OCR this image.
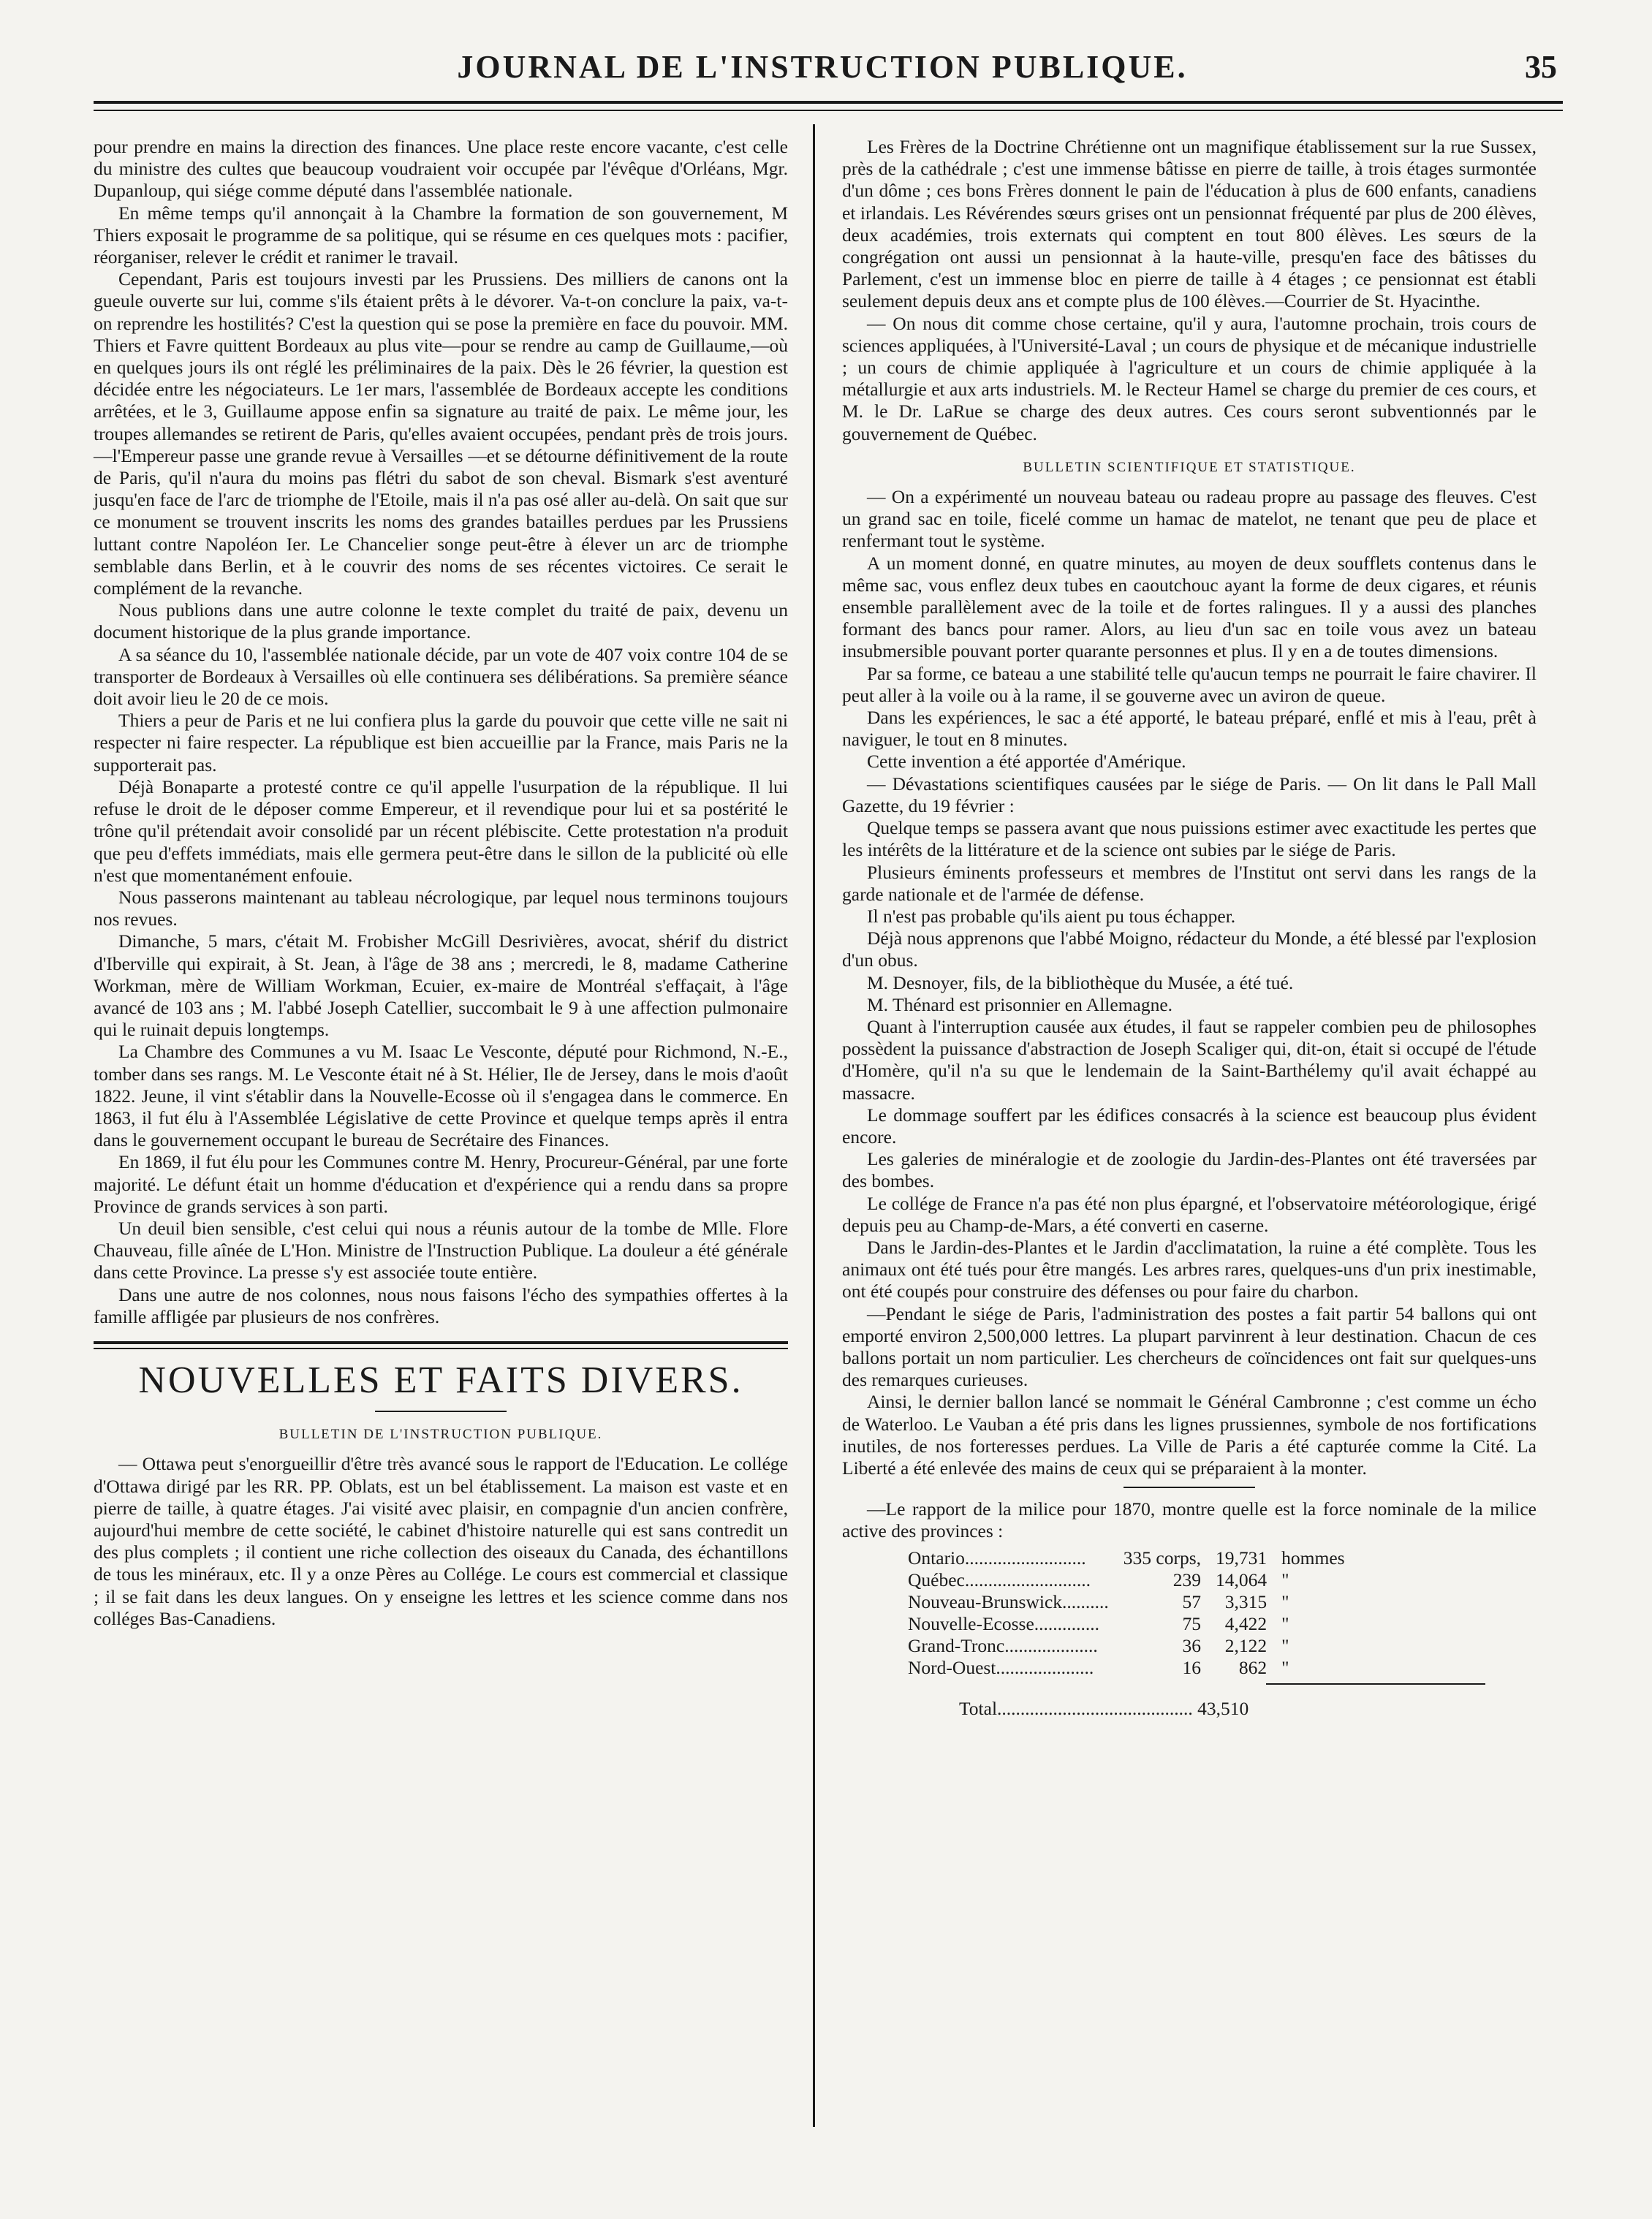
JOURNAL DE L'INSTRUCTION PUBLIQUE.	35

pour prendre en mains la direction des finances. Une place reste encore vacante, c'est celle du ministre des cultes que beaucoup voudraient voir occupée par l'évêque d'Orléans, Mgr. Dupanloup, qui siége comme député dans l'assemblée nationale.

En même temps qu'il annonçait à la Chambre la formation de son gouvernement, M Thiers exposait le programme de sa politique, qui se résume en ces quelques mots : pacifier, réorganiser, relever le crédit et ranimer le travail.

Cependant, Paris est toujours investi par les Prussiens. Des milliers de canons ont la gueule ouverte sur lui, comme s'ils étaient prêts à le dévorer. Va-t-on conclure la paix, va-t-on reprendre les hostilités? C'est la question qui se pose la première en face du pouvoir. MM. Thiers et Favre quittent Bordeaux au plus vite—pour se rendre au camp de Guillaume,—où en quelques jours ils ont réglé les préliminaires de la paix. Dès le 26 février, la question est décidée entre les négociateurs. Le 1er mars, l'assemblée de Bordeaux accepte les conditions arrêtées, et le 3, Guillaume appose enfin sa signature au traité de paix. Le même jour, les troupes allemandes se retirent de Paris, qu'elles avaient occupées, pendant près de trois jours.—l'Empereur passe une grande revue à Versailles —et se détourne définitivement de la route de Paris, qu'il n'aura du moins pas flétri du sabot de son cheval. Bismark s'est aventuré jusqu'en face de l'arc de triomphe de l'Etoile, mais il n'a pas osé aller au-delà. On sait que sur ce monument se trouvent inscrits les noms des grandes batailles perdues par les Prussiens luttant contre Napoléon Ier. Le Chancelier songe peut-être à élever un arc de triomphe semblable dans Berlin, et à le couvrir des noms de ses récentes victoires. Ce serait le complément de la revanche.

Nous publions dans une autre colonne le texte complet du traité de paix, devenu un document historique de la plus grande importance.

A sa séance du 10, l'assemblée nationale décide, par un vote de 407 voix contre 104 de se transporter de Bordeaux à Versailles où elle continuera ses délibérations. Sa première séance doit avoir lieu le 20 de ce mois.

Thiers a peur de Paris et ne lui confiera plus la garde du pouvoir que cette ville ne sait ni respecter ni faire respecter. La république est bien accueillie par la France, mais Paris ne la supporterait pas.

Déjà Bonaparte a protesté contre ce qu'il appelle l'usurpation de la république. Il lui refuse le droit de le déposer comme Empereur, et il revendique pour lui et sa postérité le trône qu'il prétendait avoir consolidé par un récent plébiscite. Cette protestation n'a produit que peu d'effets immédiats, mais elle germera peut-être dans le sillon de la publicité où elle n'est que momentanément enfouie.

Nous passerons maintenant au tableau nécrologique, par lequel nous terminons toujours nos revues.

Dimanche, 5 mars, c'était M. Frobisher McGill Desrivières, avocat, shérif du district d'Iberville qui expirait, à St. Jean, à l'âge de 38 ans ; mercredi, le 8, madame Catherine Workman, mère de William Workman, Ecuier, ex-maire de Montréal s'effaçait, à l'âge avancé de 103 ans ; M. l'abbé Joseph Catellier, succombait le 9 à une affection pulmonaire qui le ruinait depuis longtemps.

La Chambre des Communes a vu M. Isaac Le Vesconte, député pour Richmond, N.-E., tomber dans ses rangs. M. Le Vesconte était né à St. Hélier, Ile de Jersey, dans le mois d'août 1822. Jeune, il vint s'établir dans la Nouvelle-Ecosse où il s'engagea dans le commerce. En 1863, il fut élu à l'Assemblée Législative de cette Province et quelque temps après il entra dans le gouvernement occupant le bureau de Secrétaire des Finances.

En 1869, il fut élu pour les Communes contre M. Henry, Procureur-Général, par une forte majorité. Le défunt était un homme d'éducation et d'expérience qui a rendu dans sa propre Province de grands services à son parti.

Un deuil bien sensible, c'est celui qui nous a réunis autour de la tombe de Mlle. Flore Chauveau, fille aînée de L'Hon. Ministre de l'Instruction Publique. La douleur a été générale dans cette Province. La presse s'y est associée toute entière.

Dans une autre de nos colonnes, nous nous faisons l'écho des sympathies offertes à la famille affligée par plusieurs de nos confrères.

NOUVELLES ET FAITS DIVERS.
BULLETIN DE L'INSTRUCTION PUBLIQUE.

— Ottawa peut s'enorgueillir d'être très avancé sous le rapport de l'Education. Le collége d'Ottawa dirigé par les RR. PP. Oblats, est un bel établissement. La maison est vaste et en pierre de taille, à quatre étages. J'ai visité avec plaisir, en compagnie d'un ancien confrère, aujourd'hui membre de cette société, le cabinet d'histoire naturelle qui est sans contredit un des plus complets ; il contient une riche collection des oiseaux du Canada, des échantillons de tous les minéraux, etc. Il y a onze Pères au Collége. Le cours est commercial et classique ; il se fait dans les deux langues. On y enseigne les lettres et les science comme dans nos colléges Bas-Canadiens.

Les Frères de la Doctrine Chrétienne ont un magnifique établissement sur la rue Sussex, près de la cathédrale ; c'est une immense bâtisse en pierre de taille, à trois étages surmontée d'un dôme ; ces bons Frères donnent le pain de l'éducation à plus de 600 enfants, canadiens et irlandais. Les Révérendes sœurs grises ont un pensionnat fréquenté par plus de 200 élèves, deux académies, trois externats qui comptent en tout 800 élèves. Les sœurs de la congrégation ont aussi un pensionnat à la haute-ville, presqu'en face des bâtisses du Parlement, c'est un immense bloc en pierre de taille à 4 étages ; ce pensionnat est établi seulement depuis deux ans et compte plus de 100 élèves.—Courrier de St. Hyacinthe.

— On nous dit comme chose certaine, qu'il y aura, l'automne prochain, trois cours de sciences appliquées, à l'Université-Laval ; un cours de physique et de mécanique industrielle ; un cours de chimie appliquée à l'agriculture et un cours de chimie appliquée à la métallurgie et aux arts industriels. M. le Recteur Hamel se charge du premier de ces cours, et M. le Dr. LaRue se charge des deux autres. Ces cours seront subventionnés par le gouvernement de Québec.

BULLETIN SCIENTIFIQUE ET STATISTIQUE.

— On a expérimenté un nouveau bateau ou radeau propre au passage des fleuves. C'est un grand sac en toile, ficelé comme un hamac de matelot, ne tenant que peu de place et renfermant tout le système.

A un moment donné, en quatre minutes, au moyen de deux soufflets contenus dans le même sac, vous enflez deux tubes en caoutchouc ayant la forme de deux cigares, et réunis ensemble parallèlement avec de la toile et de fortes ralingues. Il y a aussi des planches formant des bancs pour ramer. Alors, au lieu d'un sac en toile vous avez un bateau insubmersible pouvant porter quarante personnes et plus. Il y en a de toutes dimensions.

Par sa forme, ce bateau a une stabilité telle qu'aucun temps ne pourrait le faire chavirer. Il peut aller à la voile ou à la rame, il se gouverne avec un aviron de queue.

Dans les expériences, le sac a été apporté, le bateau préparé, enflé et mis à l'eau, prêt à naviguer, le tout en 8 minutes.

Cette invention a été apportée d'Amérique.

— Dévastations scientifiques causées par le siége de Paris. — On lit dans le Pall Mall Gazette, du 19 février :

Quelque temps se passera avant que nous puissions estimer avec exactitude les pertes que les intérêts de la littérature et de la science ont subies par le siége de Paris.

Plusieurs éminents professeurs et membres de l'Institut ont servi dans les rangs de la garde nationale et de l'armée de défense.

Il n'est pas probable qu'ils aient pu tous échapper.

Déjà nous apprenons que l'abbé Moigno, rédacteur du Monde, a été blessé par l'explosion d'un obus.

M. Desnoyer, fils, de la bibliothèque du Musée, a été tué.

M. Thénard est prisonnier en Allemagne.

Quant à l'interruption causée aux études, il faut se rappeler combien peu de philosophes possèdent la puissance d'abstraction de Joseph Scaliger qui, dit-on, était si occupé de l'étude d'Homère, qu'il n'a su que le lendemain de la Saint-Barthélemy qu'il avait échappé au massacre.

Le dommage souffert par les édifices consacrés à la science est beaucoup plus évident encore.

Les galeries de minéralogie et de zoologie du Jardin-des-Plantes ont été traversées par des bombes.

Le collége de France n'a pas été non plus épargné, et l'observatoire météorologique, érigé depuis peu au Champ-de-Mars, a été converti en caserne.

Dans le Jardin-des-Plantes et le Jardin d'acclimatation, la ruine a été complète. Tous les animaux ont été tués pour être mangés. Les arbres rares, quelques-uns d'un prix inestimable, ont été coupés pour construire des défenses ou pour faire du charbon.

—Pendant le siége de Paris, l'administration des postes a fait partir 54 ballons qui ont emporté environ 2,500,000 lettres. La plupart parvinrent à leur destination. Chacun de ces ballons portait un nom particulier. Les chercheurs de coïncidences ont fait sur quelques-uns des remarques curieuses.

Ainsi, le dernier ballon lancé se nommait le Général Cambronne ; c'est comme un écho de Waterloo. Le Vauban a été pris dans les lignes prussiennes, symbole de nos fortifications inutiles, de nos forteresses perdues. La Ville de Paris a été capturée comme la Cité. La Liberté a été enlevée des mains de ceux qui se préparaient à la monter.

—Le rapport de la milice pour 1870, montre quelle est la force nominale de la milice active des provinces :

Ontario..........................	335 corps,	19,731	hommes
Québec...........................	239	14,064	"
Nouveau-Brunswick..........	57	3,315	"
Nouvelle-Ecosse..............	75	4,422	"
Grand-Tronc....................	36	2,122	"
Nord-Ouest.....................	16	862	"
Total.......................................... 43,510
